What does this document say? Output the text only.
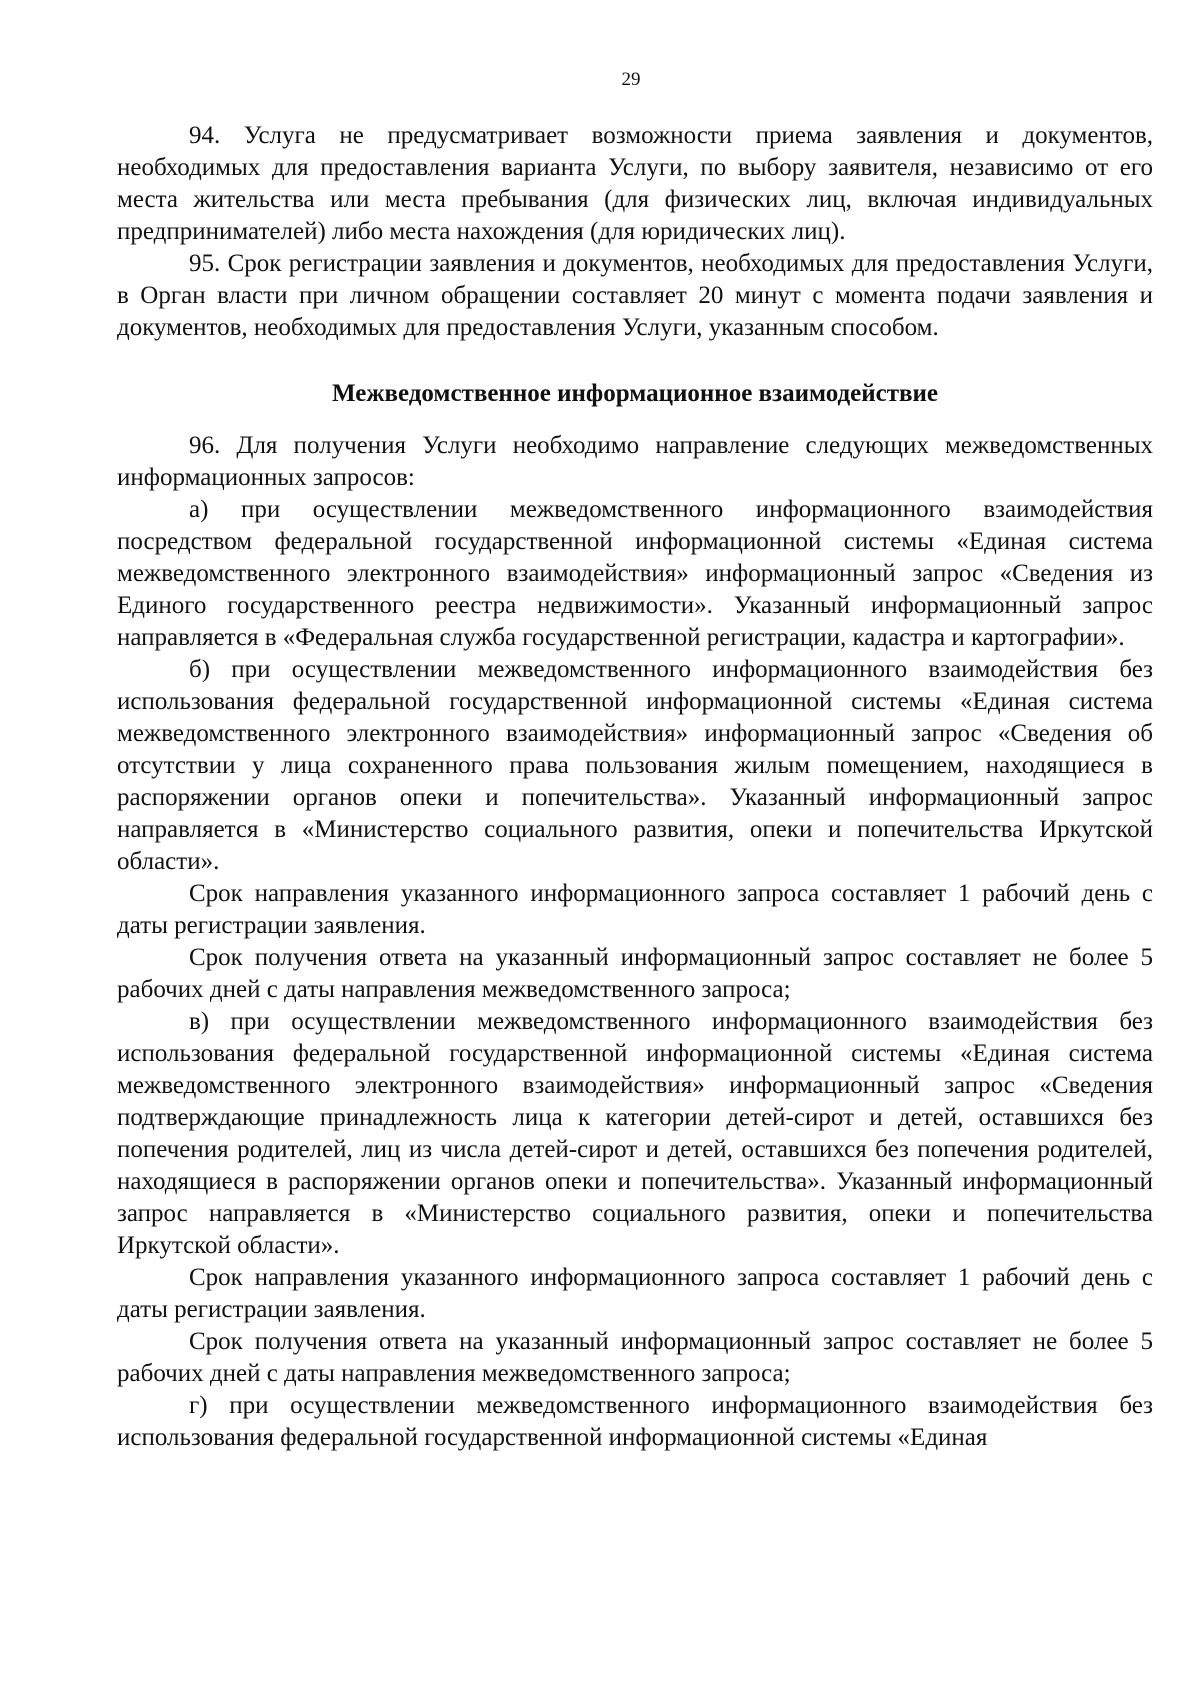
29

94. Услуга не предусматривает возможности приема заявления и документов, необходимых для предоставления варианта Услуги, по выбору заявителя, независимо от его места жительства или места пребывания (для физических лиц, включая индивидуальных предпринимателей) либо места нахождения (для юридических лиц).

95. Срок регистрации заявления и документов, необходимых для предоставления Услуги, в Орган власти при личном обращении составляет 20 минут с момента подачи заявления и документов, необходимых для предоставления Услуги, указанным способом.

Межведомственное информационное взаимодействие

96. Для получения Услуги необходимо направление следующих межведомственных информационных запросов:

а) при осуществлении межведомственного информационного взаимодействия посредством федеральной государственной информационной системы «Единая система межведомственного электронного взаимодействия» информационный запрос «Сведения из Единого государственного реестра недвижимости». Указанный информационный запрос направляется в «Федеральная служба государственной регистрации, кадастра и картографии».

б) при осуществлении межведомственного информационного взаимодействия без использования федеральной государственной информационной системы «Единая система межведомственного электронного взаимодействия» информационный запрос «Сведения об отсутствии у лица сохраненного права пользования жилым помещением, находящиеся в распоряжении органов опеки и попечительства». Указанный информационный запрос направляется в «Министерство социального развития, опеки и попечительства Иркутской области».

Срок направления указанного информационного запроса составляет 1 рабочий день с даты регистрации заявления.

Срок получения ответа на указанный информационный запрос составляет не более 5 рабочих дней с даты направления межведомственного запроса;

в) при осуществлении межведомственного информационного взаимодействия без использования федеральной государственной информационной системы «Единая система межведомственного электронного взаимодействия» информационный запрос «Сведения подтверждающие принадлежность лица к категории детей-сирот и детей, оставшихся без попечения родителей, лиц из числа детей-сирот и детей, оставшихся без попечения родителей, находящиеся в распоряжении органов опеки и попечительства». Указанный информационный запрос направляется в «Министерство социального развития, опеки и попечительства Иркутской области».

Срок направления указанного информационного запроса составляет 1 рабочий день с даты регистрации заявления.

Срок получения ответа на указанный информационный запрос составляет не более 5 рабочих дней с даты направления межведомственного запроса;

г) при осуществлении межведомственного информационного взаимодействия без использования федеральной государственной информационной системы «Единая
